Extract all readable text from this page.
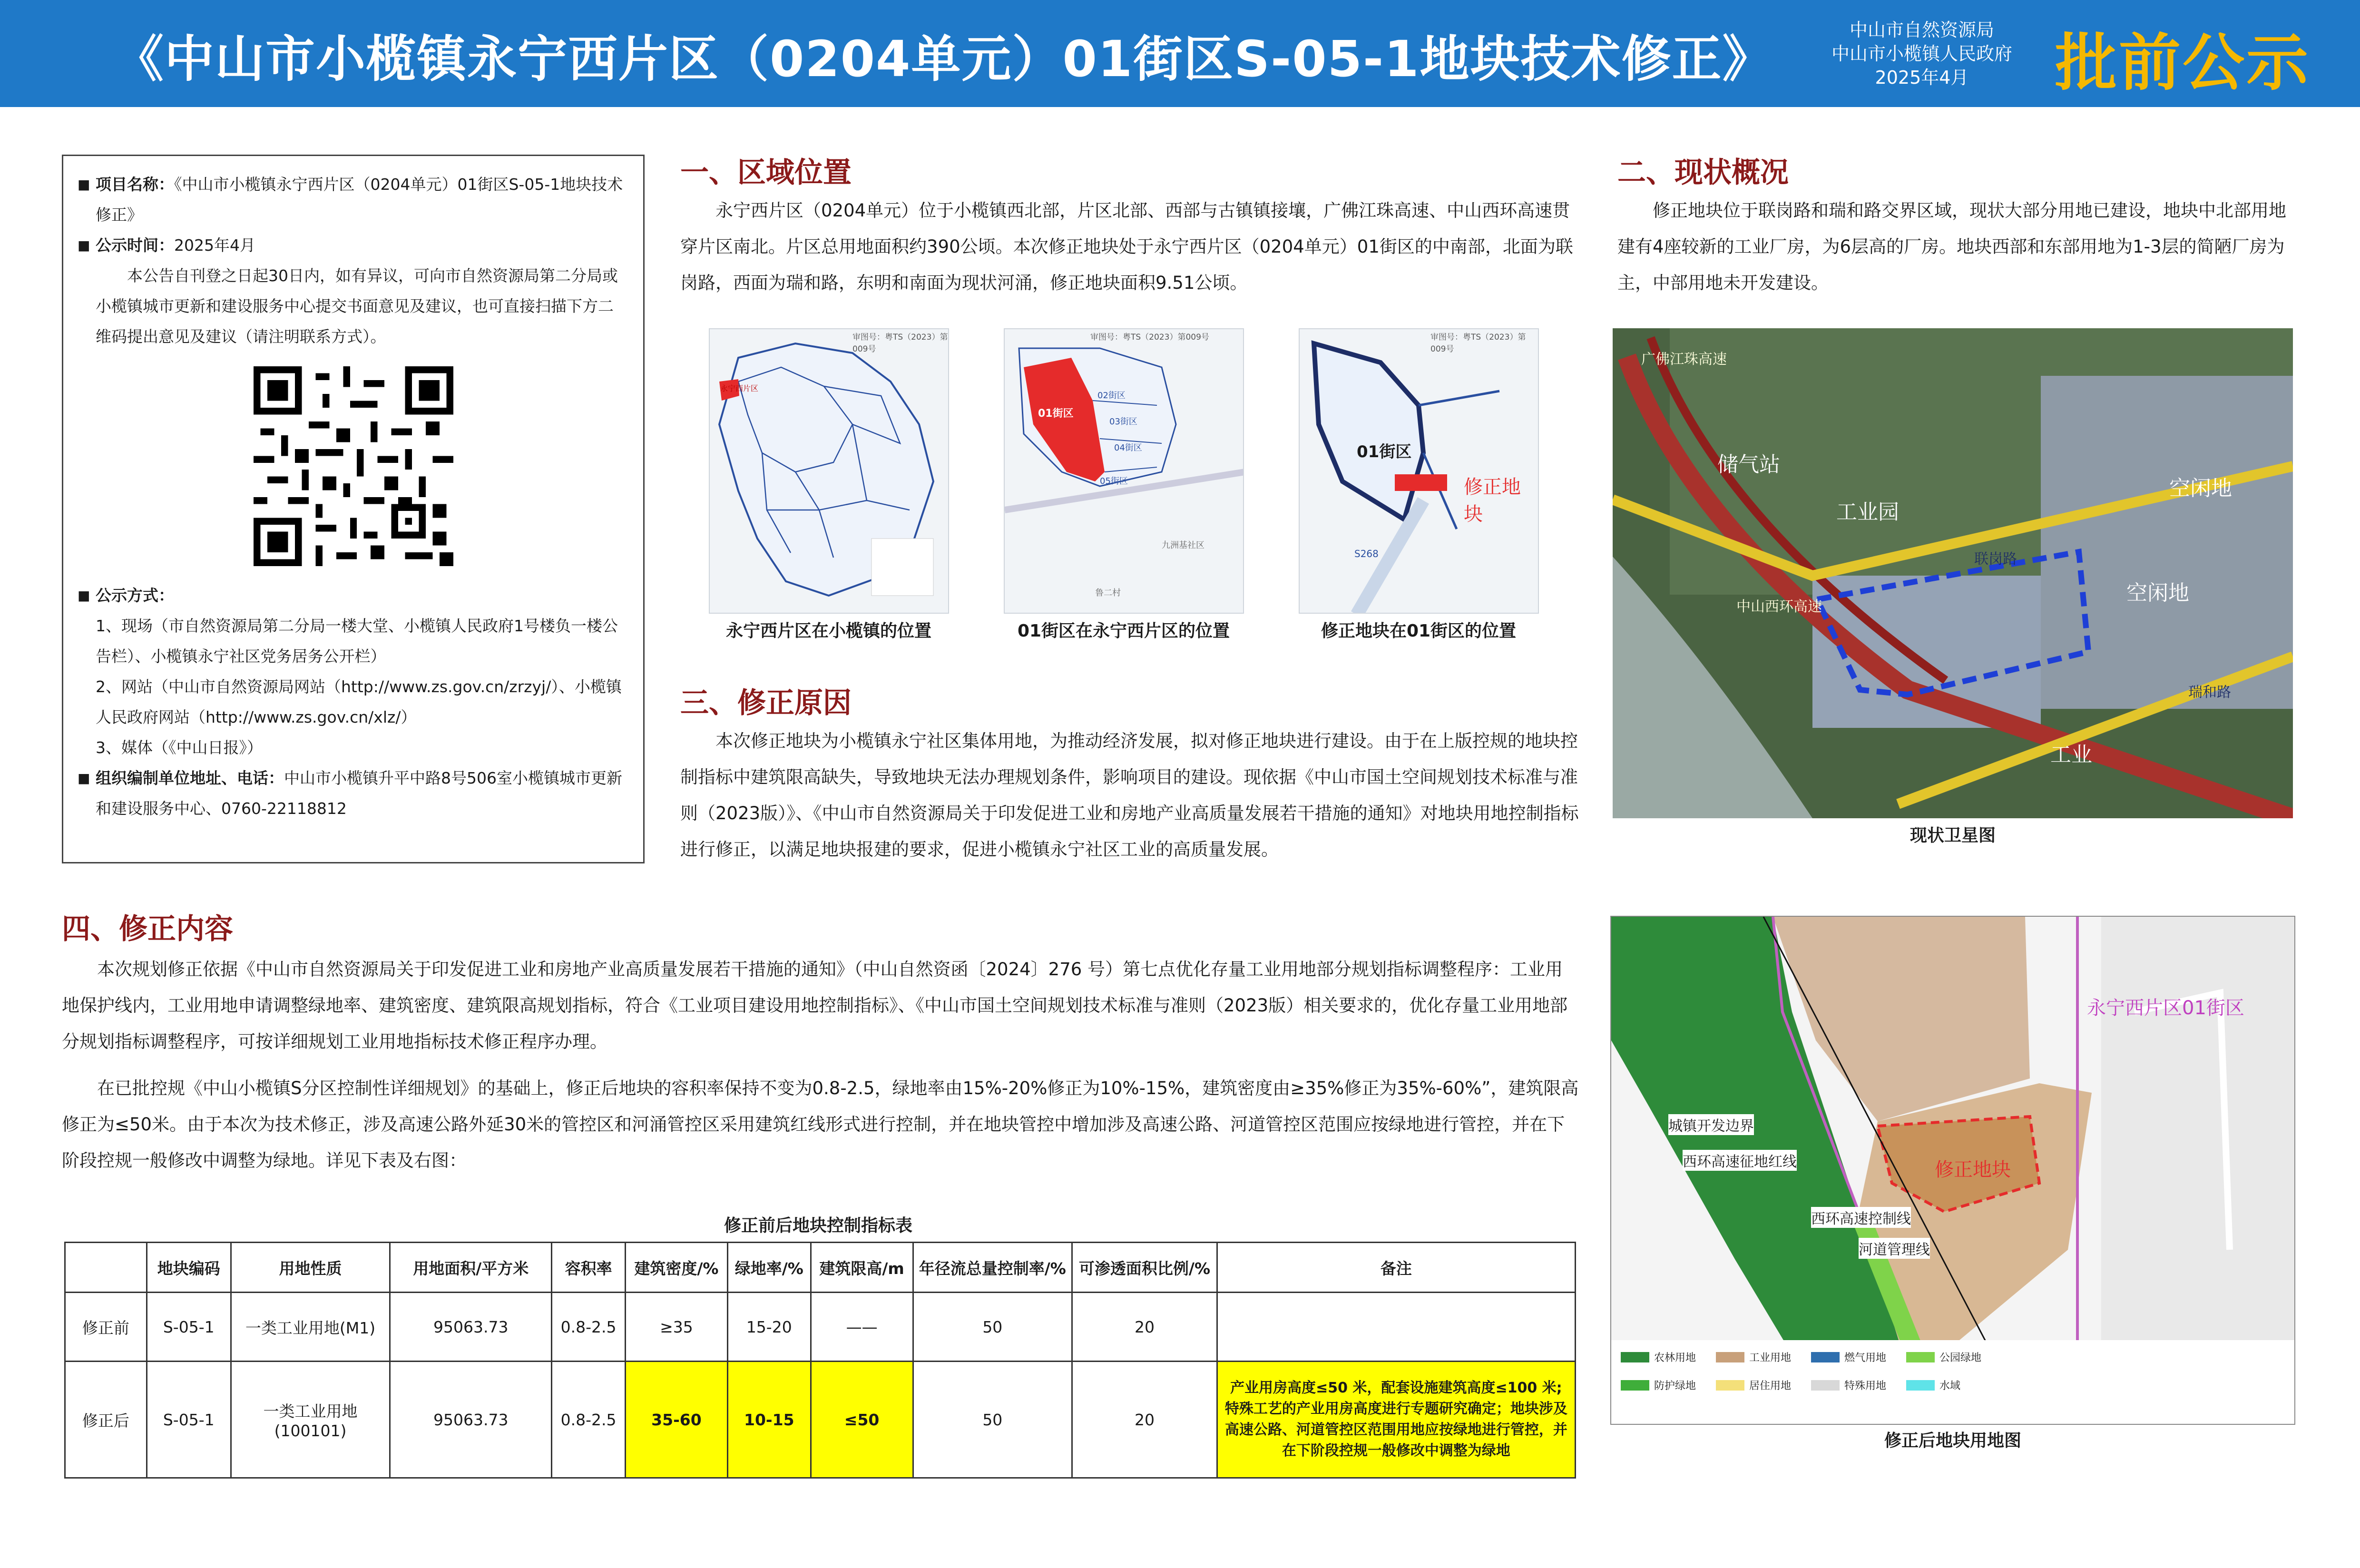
《中山市小榄镇永宁西片区（0204单元）01街区S-05-1地块技术修正》	中山市自然资源局
中山市小榄镇人民政府
2025年4月	批前公示
■ 项目名称：《中山市小榄镇永宁西片区（0204单元）01街区S-05-1地块技术修正》
■ 公示时间：2025年4月
本公告自刊登之日起30日内，如有异议，可向市自然资源局第二分局或小榄镇城市更新和建设服务中心提交书面意见及建议，也可直接扫描下方二维码提出意见及建议（请注明联系方式）。
■ 公示方式：
1、现场（市自然资源局第二分局一楼大堂、小榄镇人民政府1号楼负一楼公告栏）、小榄镇永宁社区党务居务公开栏）
2、网站（中山市自然资源局网站（http://www.zs.gov.cn/zrzyj/）、小榄镇人民政府网站（http://www.zs.gov.cn/xlz/）
3、媒体（《中山日报》）
■ 组织编制单位地址、电话：中山市小榄镇升平中路8号506室小榄镇城市更新和建设服务中心、0760-22118812
一、区域位置
永宁西片区（0204单元）位于小榄镇西北部，片区北部、西部与古镇镇接壤，广佛江珠高速、中山西环高速贯穿片区南北。片区总用地面积约390公顷。本次修正地块处于永宁西片区（0204单元）01街区的中南部，北面为联岗路，西面为瑞和路，东明和南面为现状河涌，修正地块面积9.51公顷。
审图号：粤TS（2023）第009号
永宁西片区
永宁西片区在小榄镇的位置
审图号：粤TS（2023）第009号
01街区
02街区
03街区
04街区
05街区
九洲基社区
鲁二村
01街区在永宁西片区的位置
审图号：粤TS（2023）第009号
01街区
修正地块
S268
修正地块在01街区的位置
三、修正原因
本次修正地块为小榄镇永宁社区集体用地，为推动经济发展，拟对修正地块进行建设。由于在上版控规的地块控制指标中建筑限高缺失，导致地块无法办理规划条件，影响项目的建设。现依据《中山市国土空间规划技术标准与准则（2023版）》、《中山市自然资源局关于印发促进工业和房地产业高质量发展若干措施的通知》对地块用地控制指标进行修正，以满足地块报建的要求，促进小榄镇永宁社区工业的高质量发展。
二、现状概况
修正地块位于联岗路和瑞和路交界区域，现状大部分用地已建设，地块中北部用地建有4座较新的工业厂房，为6层高的厂房。地块西部和东部用地为1-3层的简陋厂房为主，中部用地未开发建设。
储气站
工业园
空闲地
空闲地
工业
联岗路
瑞和路
中山西环高速
广佛江珠高速
现状卫星图
四、修正内容
本次规划修正依据《中山市自然资源局关于印发促进工业和房地产业高质量发展若干措施的通知》（中山自然资函〔2024〕276 号）第七点优化存量工业用地部分规划指标调整程序：工业用地保护线内，工业用地申请调整绿地率、建筑密度、建筑限高规划指标，符合《工业项目建设用地控制指标》、《中山市国土空间规划技术标准与准则（2023版）相关要求的，优化存量工业用地部分规划指标调整程序，可按详细规划工业用地指标技术修正程序办理。
在已批控规《中山小榄镇S分区控制性详细规划》的基础上，修正后地块的容积率保持不变为0.8-2.5，绿地率由15%-20%修正为10%-15%，建筑密度由≥35%修正为35%-60%”，建筑限高修正为≤50米。由于本次为技术修正，涉及高速公路外延30米的管控区和河涌管控区采用建筑红线形式进行控制，并在地块管控中增加涉及高速公路、河道管控区范围应按绿地进行管控，并在下阶段控规一般修改中调整为绿地。详见下表及右图：
修正前后地块控制指标表
	地块编码	用地性质	用地面积/平方米	容积率	建筑密度/%	绿地率/%	建筑限高/m	年径流总量控制率/%	可渗透面积比例/%	备注
修正前	S-05-1	一类工业用地(M1)	95063.73	0.8-2.5	≥35	15-20	——	50	20	
修正后	S-05-1	一类工业用地
(100101)	95063.73	0.8-2.5	35-60	10-15	≤50	50	20	产业用房高度≤50 米，配套设施建筑高度≤100 米;特殊工艺的产业用房高度进行专题研究确定；地块涉及高速公路、河道管控区范围用地应按绿地进行管控，并在下阶段控规一般修改中调整为绿地
永宁西片区01街区
修正地块
城镇开发边界
西环高速征地红线
西环高速控制线
河道管理线
农林用地	工业用地	燃气用地	公园绿地
防护绿地	居住用地	特殊用地	水域
修正后地块用地图
